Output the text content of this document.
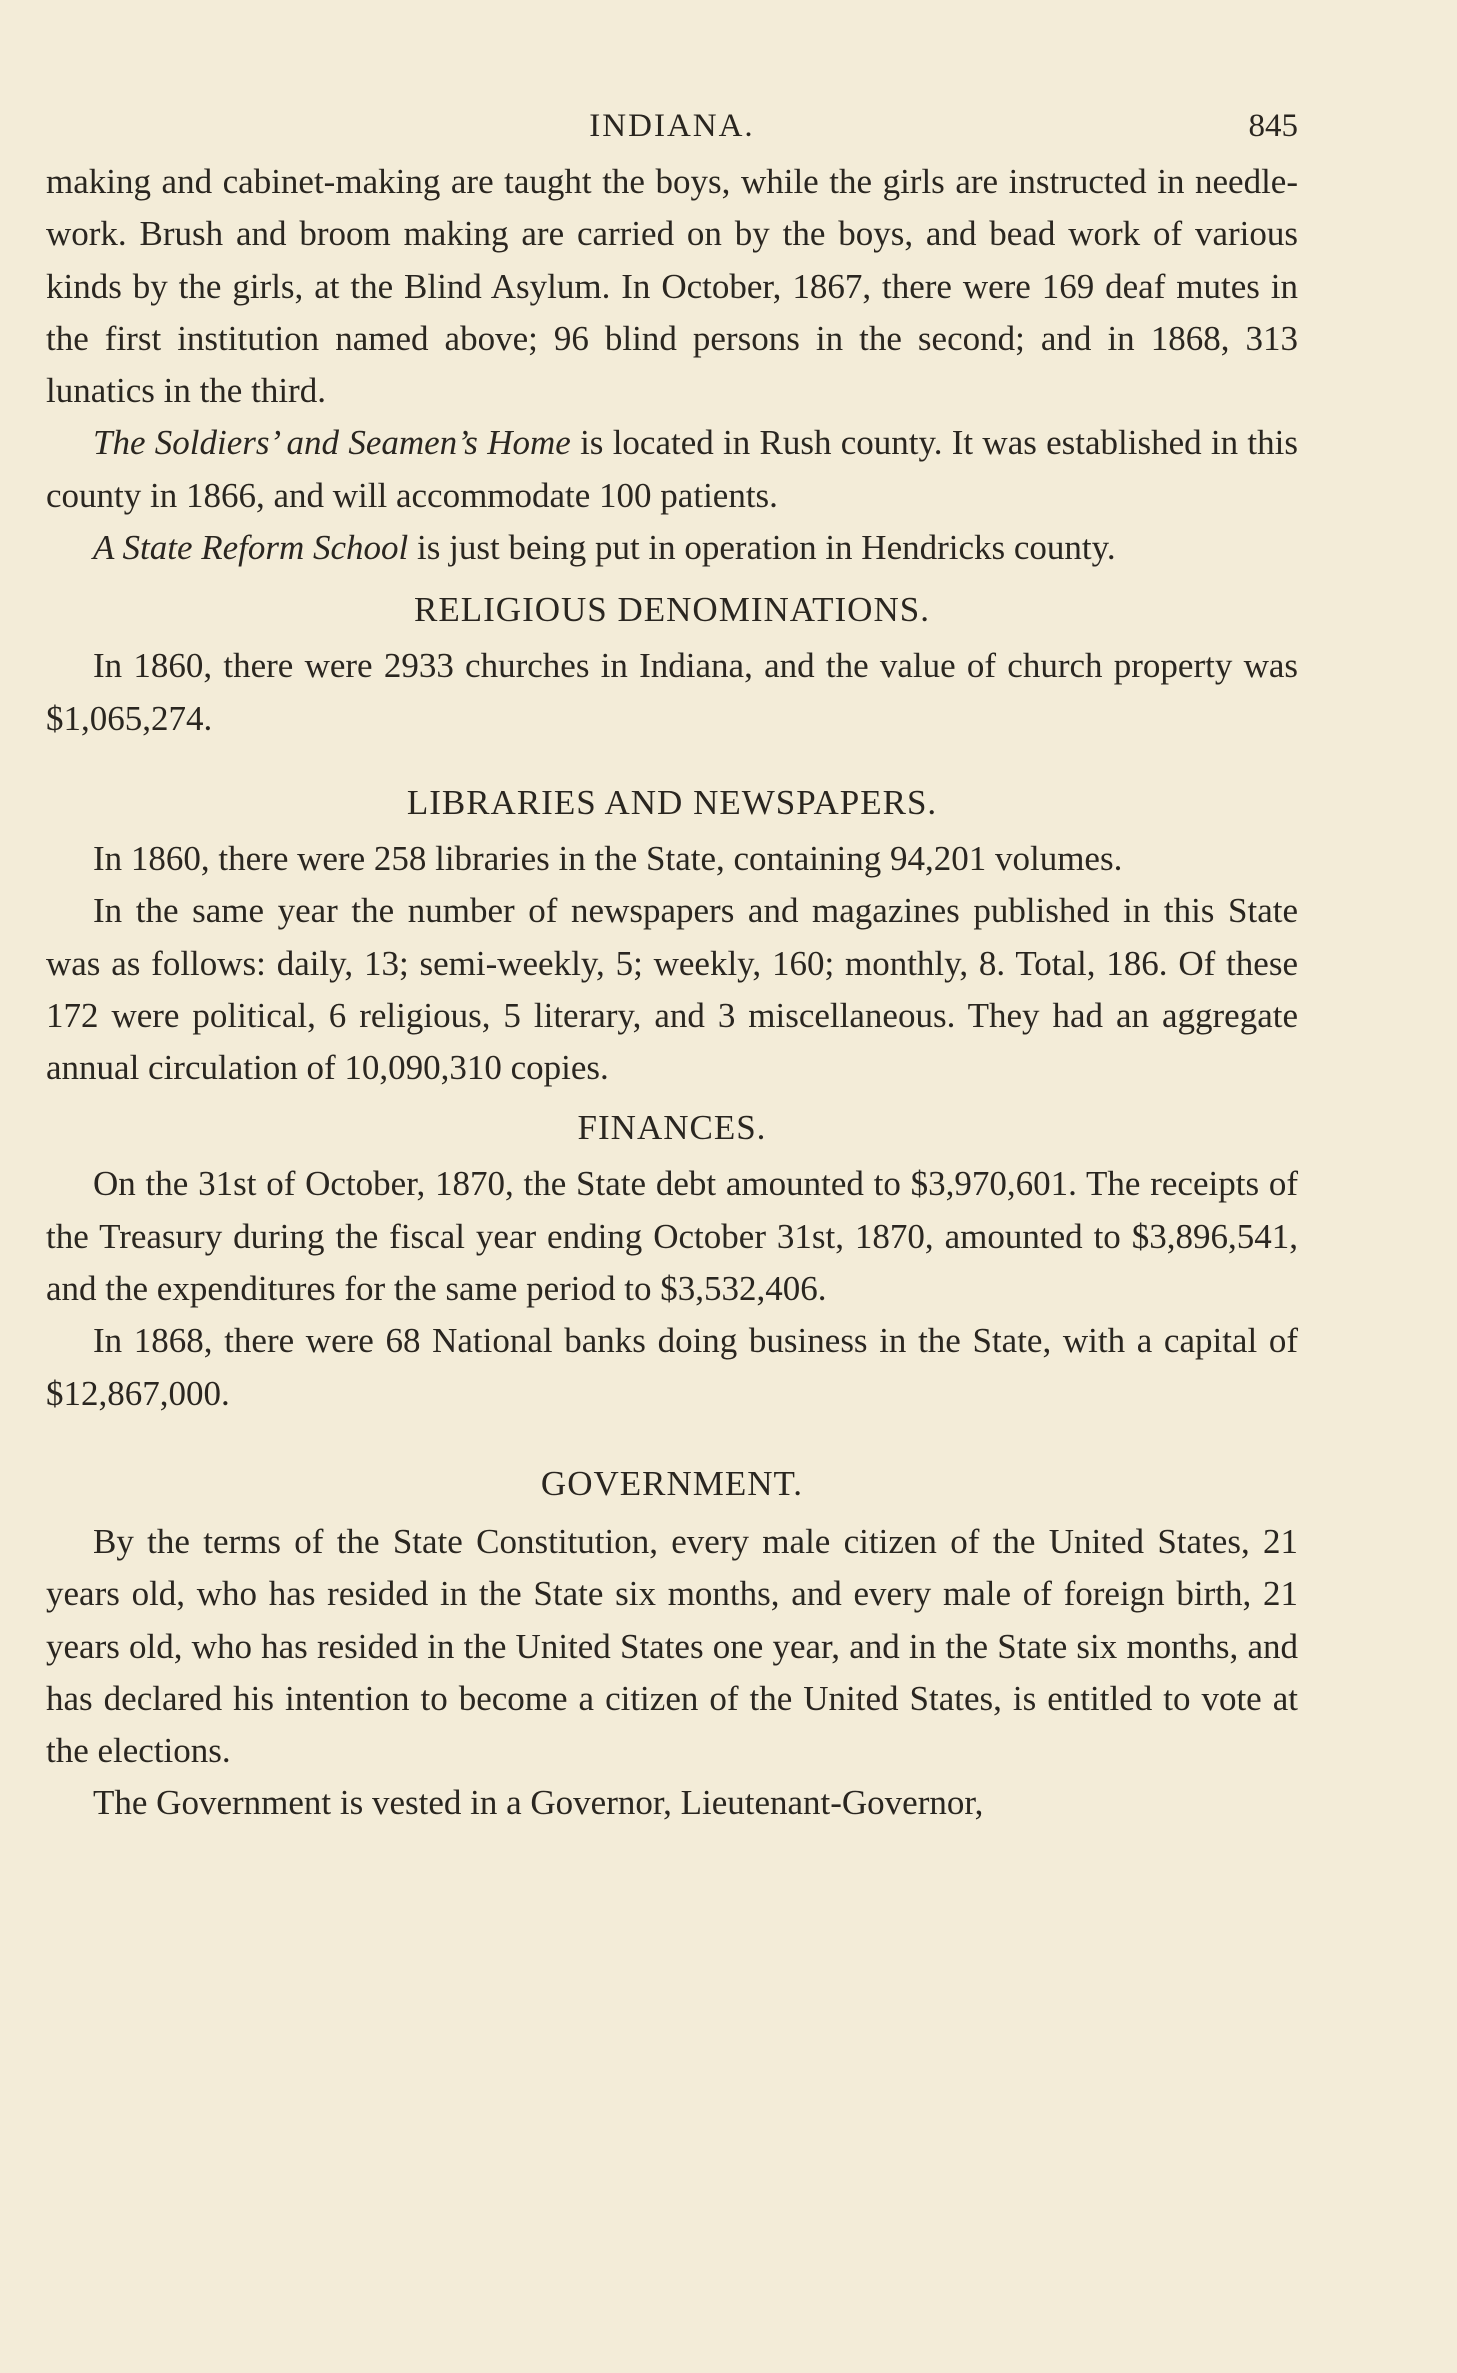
INDIANA.	845

making and cabinet-making are taught the boys, while the girls are instructed in needle-work. Brush and broom making are carried on by the boys, and bead work of various kinds by the girls, at the Blind Asylum. In October, 1867, there were 169 deaf mutes in the first institution named above; 96 blind persons in the second; and in 1868, 313 lunatics in the third.

The Soldiers’ and Seamen’s Home is located in Rush county. It was established in this county in 1866, and will accommodate 100 patients.

A State Reform School is just being put in operation in Hendricks county.

RELIGIOUS DENOMINATIONS.

In 1860, there were 2933 churches in Indiana, and the value of church property was $1,065,274.

LIBRARIES AND NEWSPAPERS.

In 1860, there were 258 libraries in the State, containing 94,201 volumes.

In the same year the number of newspapers and magazines published in this State was as follows: daily, 13; semi-weekly, 5; weekly, 160; monthly, 8. Total, 186. Of these 172 were political, 6 religious, 5 literary, and 3 miscellaneous. They had an aggregate annual circulation of 10,090,310 copies.

FINANCES.

On the 31st of October, 1870, the State debt amounted to $3,970,601. The receipts of the Treasury during the fiscal year ending October 31st, 1870, amounted to $3,896,541, and the expenditures for the same period to $3,532,406.

In 1868, there were 68 National banks doing business in the State, with a capital of $12,867,000.

GOVERNMENT.

By the terms of the State Constitution, every male citizen of the United States, 21 years old, who has resided in the State six months, and every male of foreign birth, 21 years old, who has resided in the United States one year, and in the State six months, and has declared his intention to become a citizen of the United States, is entitled to vote at the elections.

The Government is vested in a Governor, Lieutenant-Governor,
